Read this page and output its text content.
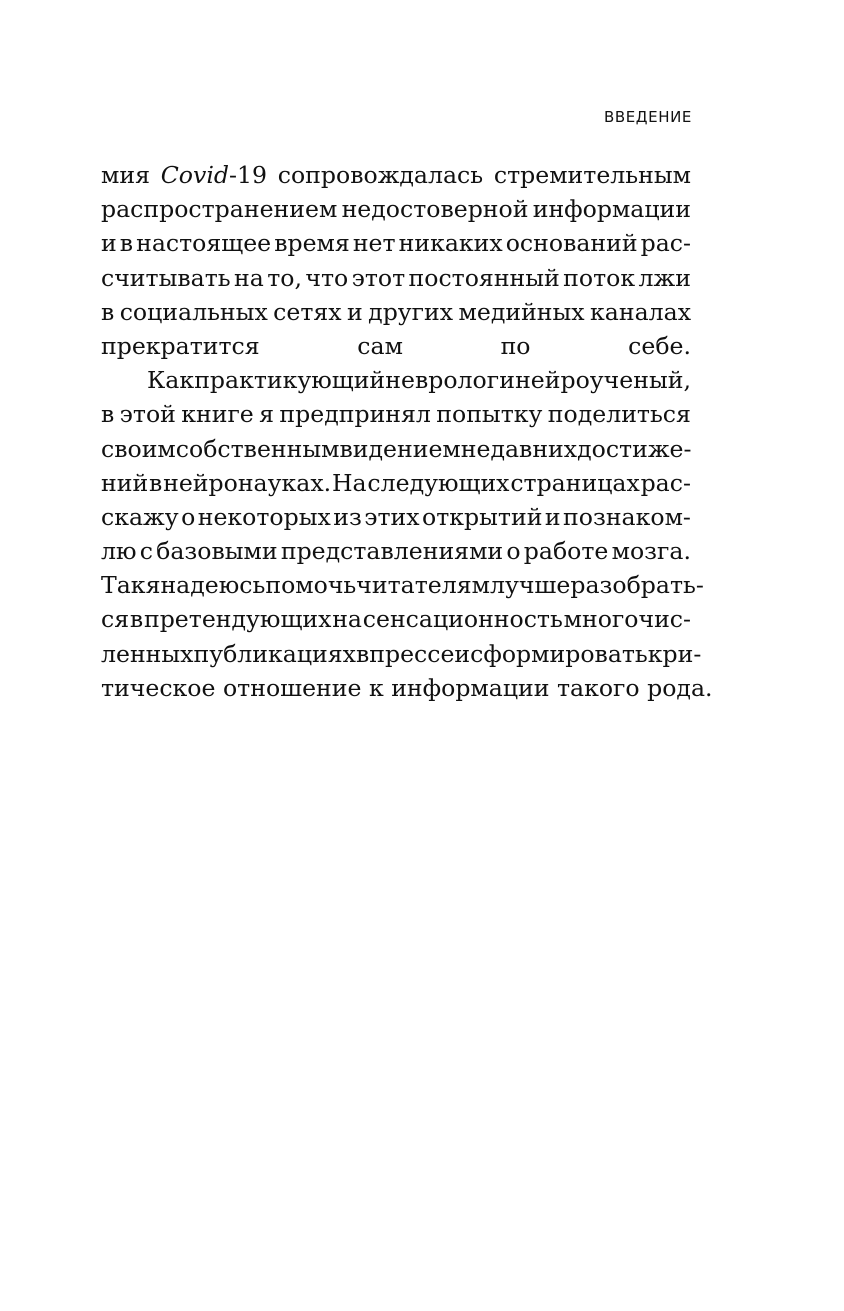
ВВЕДЕНИЕ

мия Covid-19 сопровождалась стремительным
распространением недостоверной информации
и в настоящее время нет никаких оснований рас-
считывать на то, что этот постоянный поток лжи
в социальных сетях и других медийных каналах
прекратится сам по себе.

Как практикующий невролог и нейроученый,
в этой книге я предпринял попытку поделиться
своим собственным видением недавних достиже-
ний в нейронауках. На следующих страницах рас-
скажу о некоторых из этих открытий и познаком-
лю с базовыми представлениями о работе мозга.
Так я надеюсь помочь читателям лучше разобрать-
ся в претендующих на сенсационность многочис-
ленных публикациях в прессе и сформировать кри-
тическое отношение к информации такого рода.
